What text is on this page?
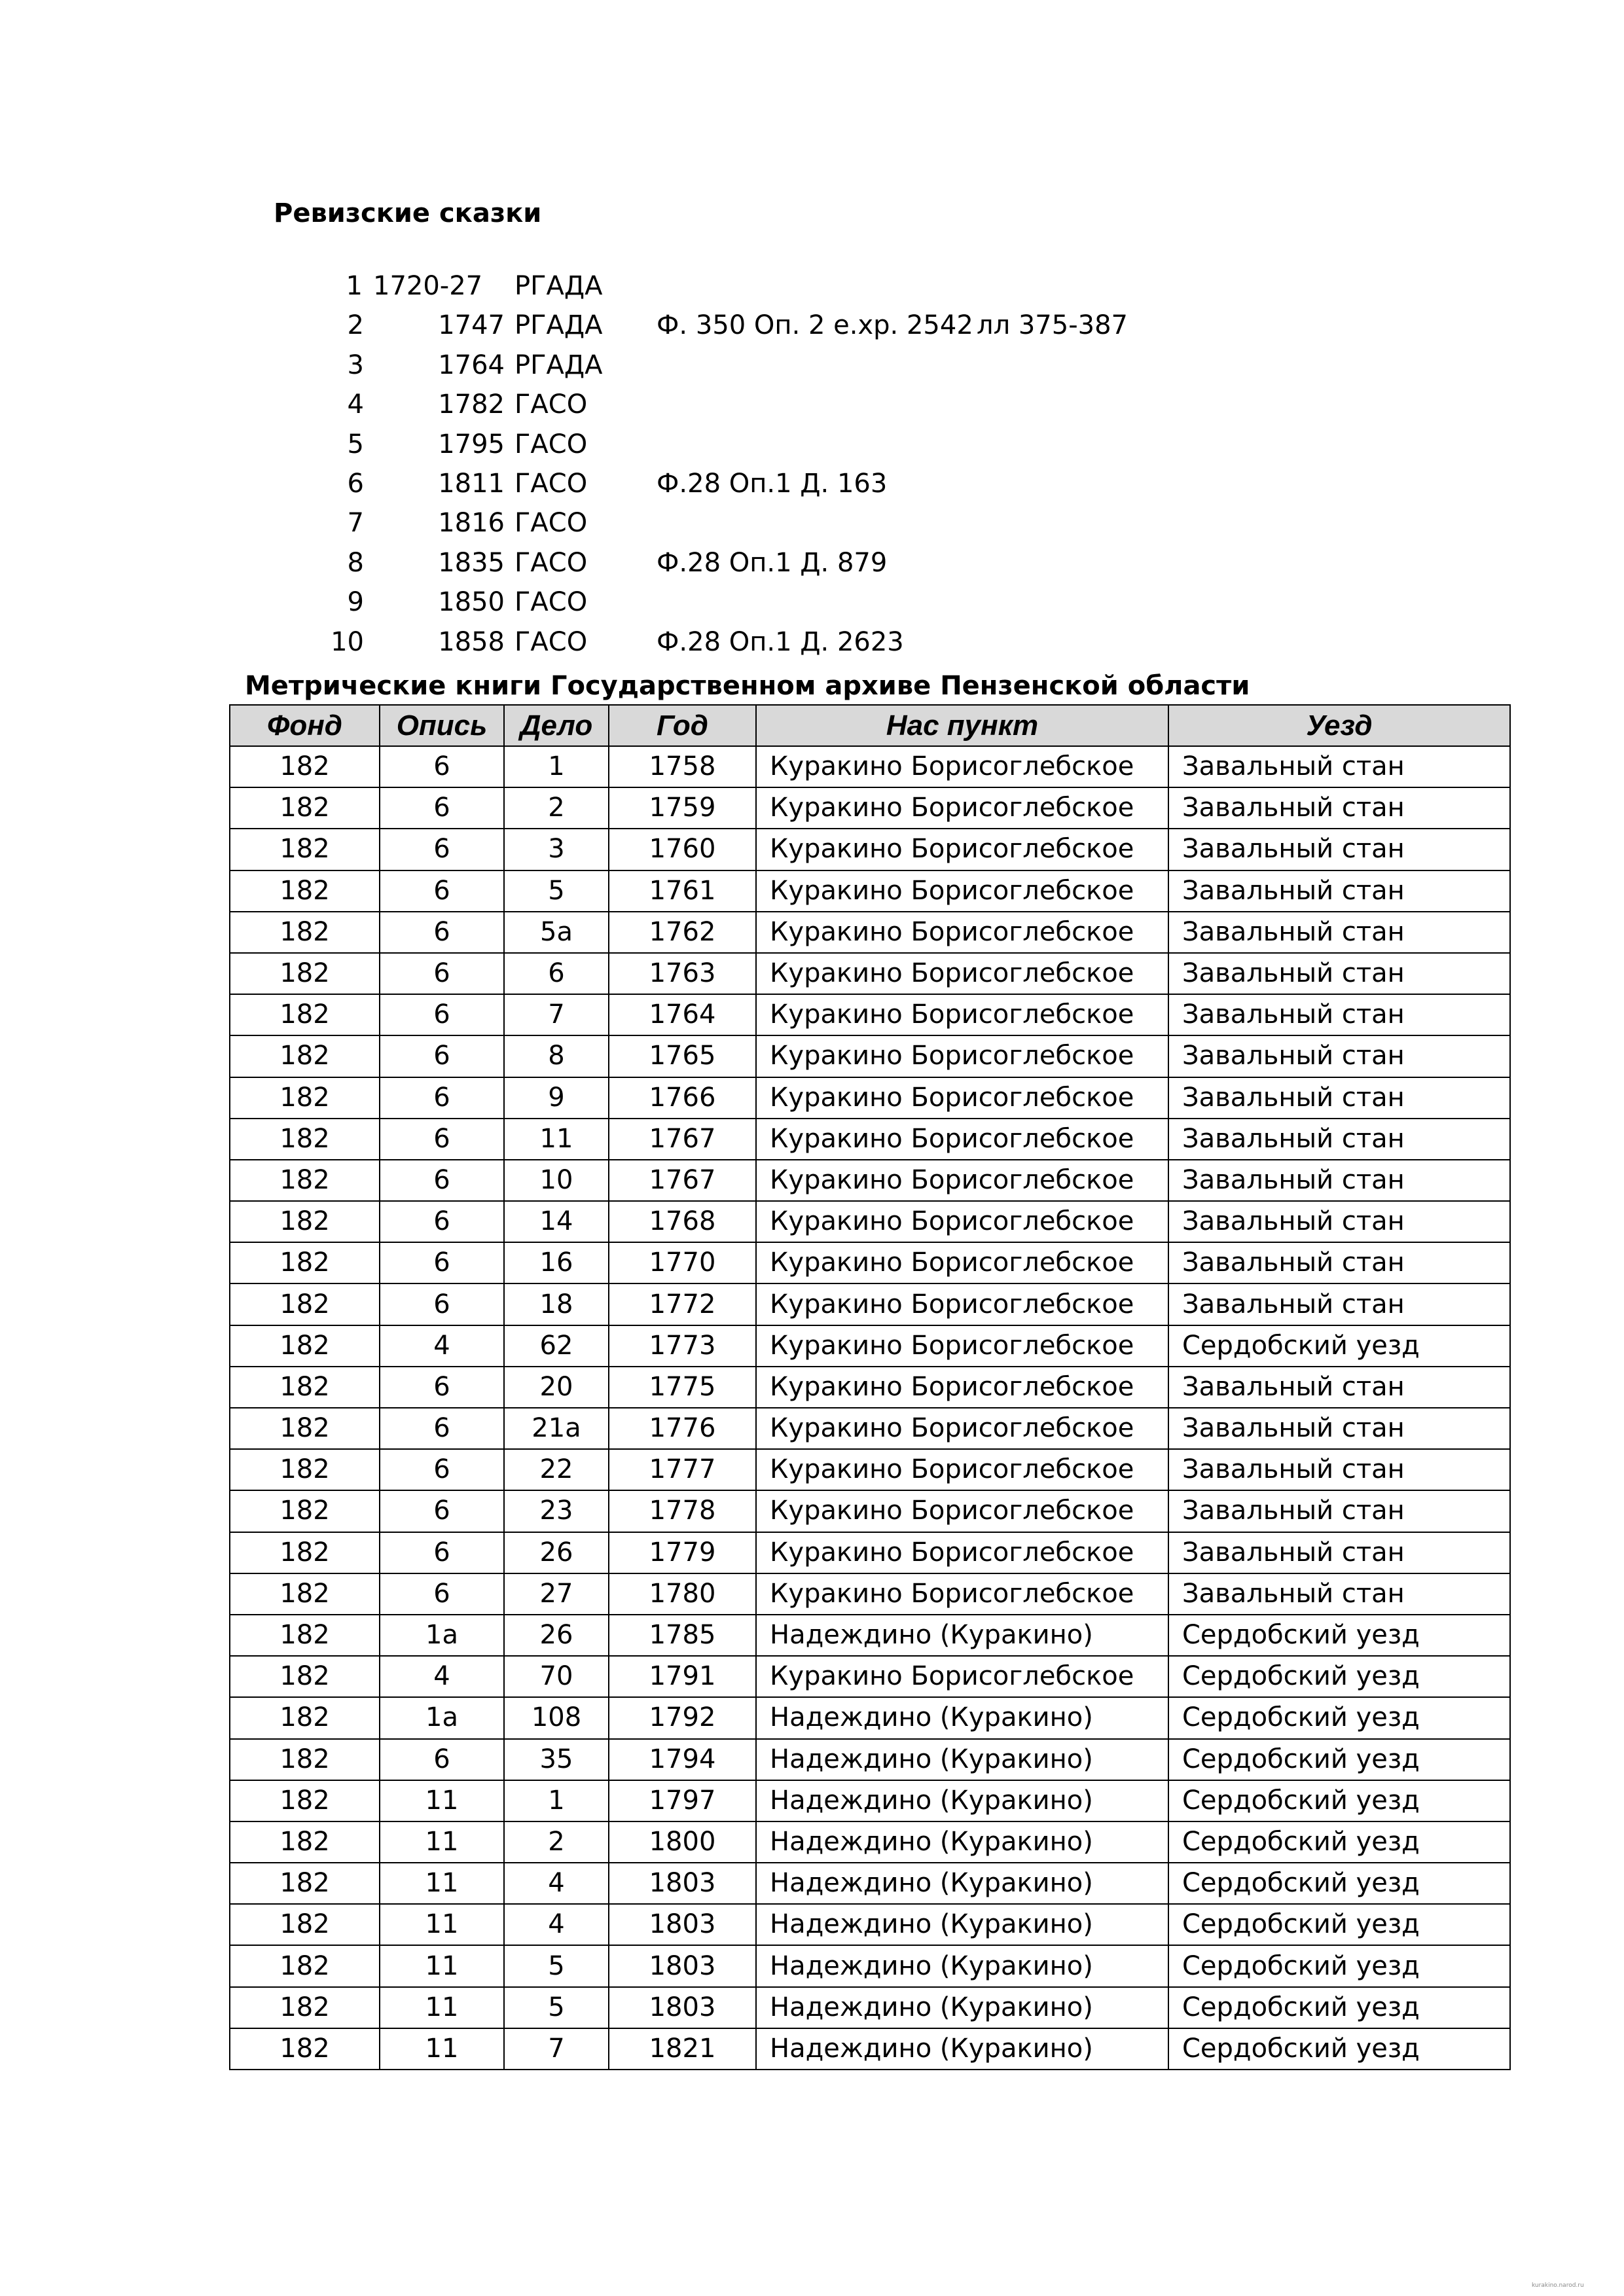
Ревизские сказки
1 1720-27 РГАДА
2	1747 РГАДА Ф. 350 Оп. 2 е.хр. 2542 лл 375-387
3	1764 РГАДА
4	1782 ГАСО
5	1795 ГАСО
6	1811 ГАСО	Ф.28 Оп.1 Д. 163
7	1816 ГАСО
8	1835 ГАСО	Ф.28 Оп.1 Д. 879
9	1850 ГАСО
10	1858 ГАСО	Ф.28 Оп.1 Д. 2623
Метрические книги Государственном архиве Пензенской области
Фонд	Опись	Дело	Год	Нас пункт	Уезд
182	6	1	1758	Куракино Борисоглебское	Завальный стан
182	6	2	1759	Куракино Борисоглебское	Завальный стан
182	6	3	1760	Куракино Борисоглебское	Завальный стан
182	6	5	1761	Куракино Борисоглебское	Завальный стан
182	6	5а	1762	Куракино Борисоглебское	Завальный стан
182	6	6	1763	Куракино Борисоглебское	Завальный стан
182	6	7	1764	Куракино Борисоглебское	Завальный стан
182	6	8	1765	Куракино Борисоглебское	Завальный стан
182	6	9	1766	Куракино Борисоглебское	Завальный стан
182	6	11	1767	Куракино Борисоглебское	Завальный стан
182	6	10	1767	Куракино Борисоглебское	Завальный стан
182	6	14	1768	Куракино Борисоглебское	Завальный стан
182	6	16	1770	Куракино Борисоглебское	Завальный стан
182	6	18	1772	Куракино Борисоглебское	Завальный стан
182	4	62	1773	Куракино Борисоглебское	Сердобский уезд
182	6	20	1775	Куракино Борисоглебское	Завальный стан
182	6	21а	1776	Куракино Борисоглебское	Завальный стан
182	6	22	1777	Куракино Борисоглебское	Завальный стан
182	6	23	1778	Куракино Борисоглебское	Завальный стан
182	6	26	1779	Куракино Борисоглебское	Завальный стан
182	6	27	1780	Куракино Борисоглебское	Завальный стан
182	1а	26	1785	Надеждино (Куракино)	Сердобский уезд
182	4	70	1791	Куракино Борисоглебское	Сердобский уезд
182	1а	108	1792	Надеждино (Куракино)	Сердобский уезд
182	6	35	1794	Надеждино (Куракино)	Сердобский уезд
182	11	1	1797	Надеждино (Куракино)	Сердобский уезд
182	11	2	1800	Надеждино (Куракино)	Сердобский уезд
182	11	4	1803	Надеждино (Куракино)	Сердобский уезд
182	11	4	1803	Надеждино (Куракино)	Сердобский уезд
182	11	5	1803	Надеждино (Куракино)	Сердобский уезд
182	11	5	1803	Надеждино (Куракино)	Сердобский уезд
182	11	7	1821	Надеждино (Куракино)	Сердобский уезд
kurakino.narod.ru
